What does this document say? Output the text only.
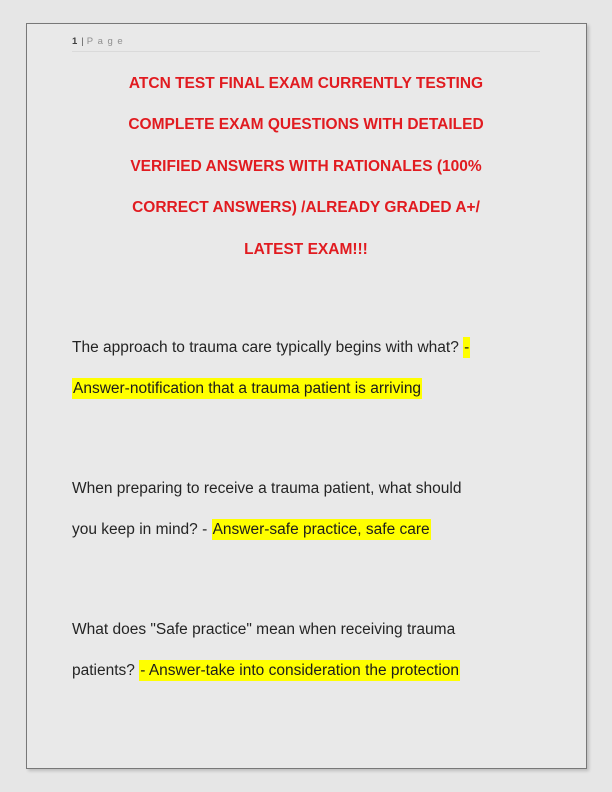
1 | P a g e
ATCN TEST FINAL EXAM CURRENTLY TESTING
COMPLETE EXAM QUESTIONS WITH DETAILED
VERIFIED ANSWERS WITH RATIONALES (100%
CORRECT ANSWERS) /ALREADY GRADED A+/
LATEST EXAM!!!
The approach to trauma care typically begins with what? -
Answer-notification that a trauma patient is arriving
When preparing to receive a trauma patient, what should
you keep in mind? - Answer-safe practice, safe care
What does "Safe practice" mean when receiving trauma
patients? - Answer-take into consideration the protection
